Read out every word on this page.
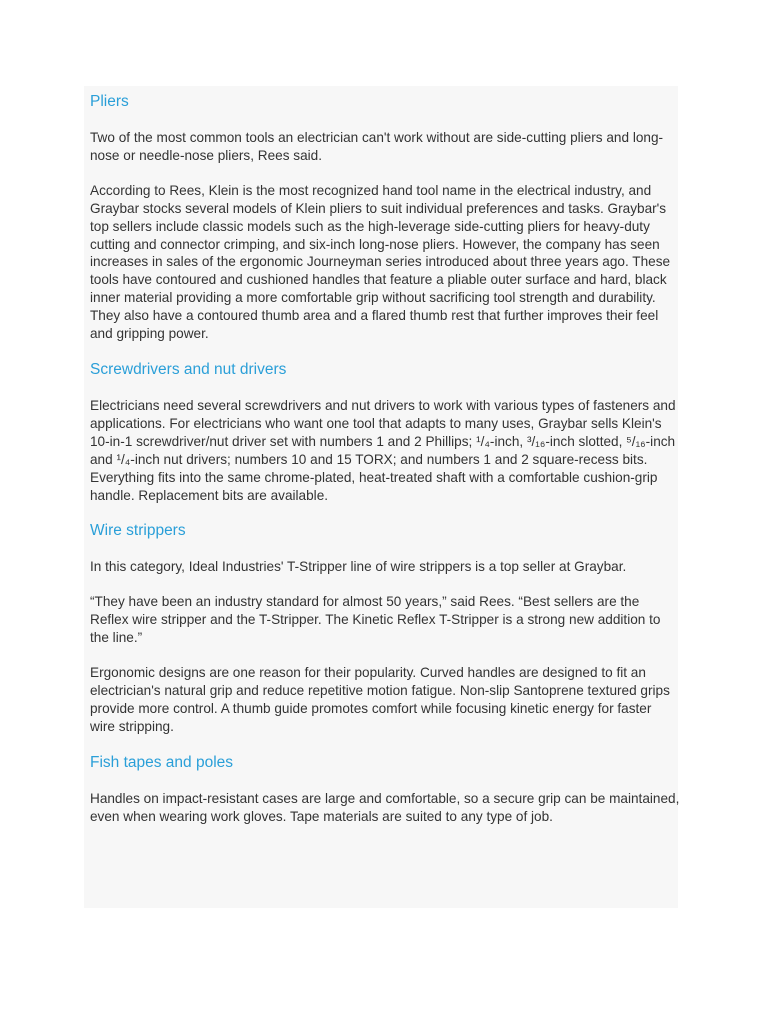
Pliers

Two of the most common tools an electrician can't work without are side-cutting pliers and long-nose or needle-nose pliers, Rees said.

According to Rees, Klein is the most recognized hand tool name in the electrical industry, and Graybar stocks several models of Klein pliers to suit individual preferences and tasks. Graybar's top sellers include classic models such as the high-leverage side-cutting pliers for heavy-duty cutting and connector crimping, and six-inch long-nose pliers. However, the company has seen increases in sales of the ergonomic Journeyman series introduced about three years ago. These tools have contoured and cushioned handles that feature a pliable outer surface and hard, black inner material providing a more comfortable grip without sacrificing tool strength and durability. They also have a contoured thumb area and a flared thumb rest that further improves their feel and gripping power.

Screwdrivers and nut drivers

Electricians need several screwdrivers and nut drivers to work with various types of fasteners and applications. For electricians who want one tool that adapts to many uses, Graybar sells Klein's 10-in-1 screwdriver/nut driver set with numbers 1 and 2 Phillips; ¹/₄-inch, ³/₁₆-inch slotted, ⁵/₁₆-inch and ¹/₄-inch nut drivers; numbers 10 and 15 TORX; and numbers 1 and 2 square-recess bits. Everything fits into the same chrome-plated, heat-treated shaft with a comfortable cushion-grip handle. Replacement bits are available.

Wire strippers

In this category, Ideal Industries' T-Stripper line of wire strippers is a top seller at Graybar.

“They have been an industry standard for almost 50 years,” said Rees. “Best sellers are the Reflex wire stripper and the T-Stripper. The Kinetic Reflex T-Stripper is a strong new addition to the line.”

Ergonomic designs are one reason for their popularity. Curved handles are designed to fit an electrician's natural grip and reduce repetitive motion fatigue. Non-slip Santoprene textured grips provide more control. A thumb guide promotes comfort while focusing kinetic energy for faster wire stripping.

Fish tapes and poles

Handles on impact-resistant cases are large and comfortable, so a secure grip can be maintained, even when wearing work gloves. Tape materials are suited to any type of job.
